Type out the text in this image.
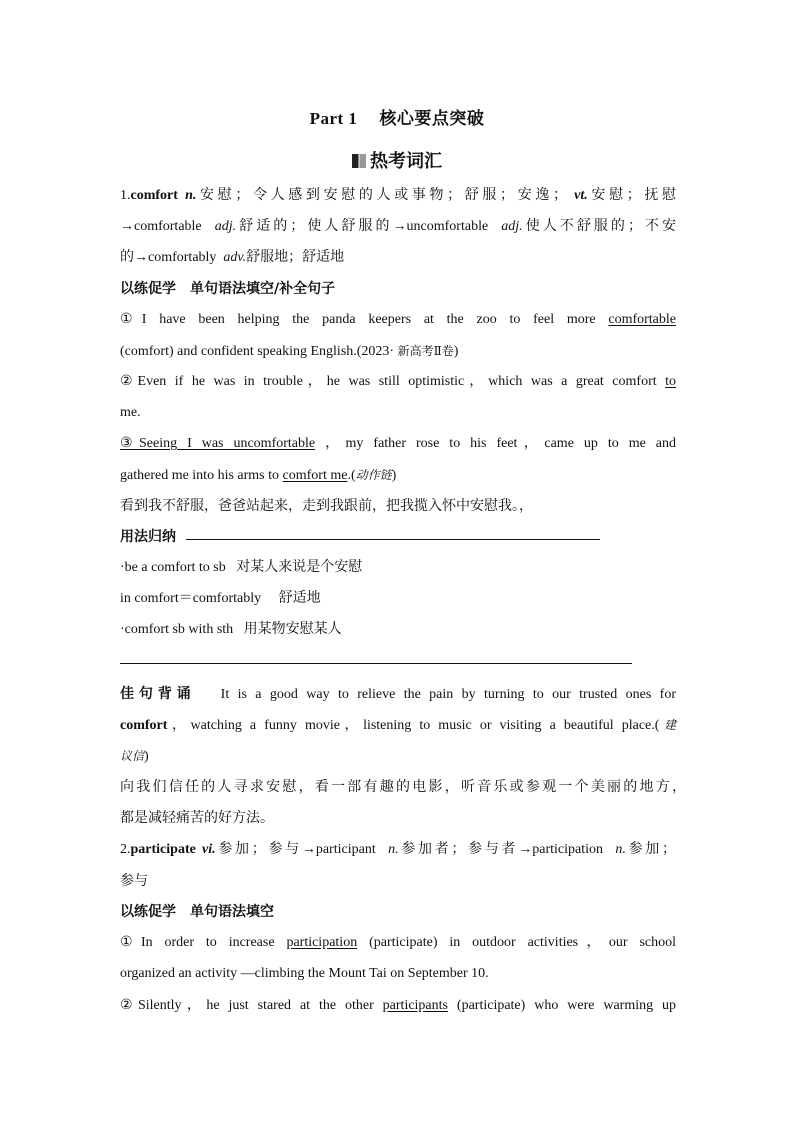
Part 1 核心要点突破
热考词汇
1.comfort n.安慰；令人感到安慰的人或事物；舒服；安逸； vt.安慰；抚慰
→comfortable adj.舒适的；使人舒服的→uncomfortable adj.使人不舒服的；不安
的→comfortably adv.舒服地；舒适地
以练促学　单句语法填空/补全句子
①I have been helping the panda keepers at the zoo to feel more comfortable
(comfort) and confident speaking English.(2023· 新高考Ⅱ卷)
②Even if he was in trouble，he was still optimistic，which was a great comfort to
me.
③Seeing I was uncomfortable ，my father rose to his feet，came up to me and
gathered me into his arms to comfort me.(动作链)
看到我不舒服，爸爸站起来，走到我跟前，把我揽入怀中安慰我。，
用法归纳
·be a comfort to sb 对某人来说是个安慰
in comfort＝comfortably 舒适地
·comfort sb with sth 用某物安慰某人
佳句背诵 It is a good way to relieve the pain by turning to our trusted ones for
comfort，watching a funny movie，listening to music or visiting a beautiful place.(建
议信)
向我们信任的人寻求安慰，看一部有趣的电影，听音乐或参观一个美丽的地方，
都是减轻痛苦的好方法。
2.participate vi.参加；参与→participant n.参加者；参与者→participation n.参加；
参与
以练促学　单句语法填空
①In order to increase participation (participate) in outdoor activities，our school
organized an activity —climbing the Mount Tai on September 10.
②Silently，he just stared at the other participants (participate) who were warming up
